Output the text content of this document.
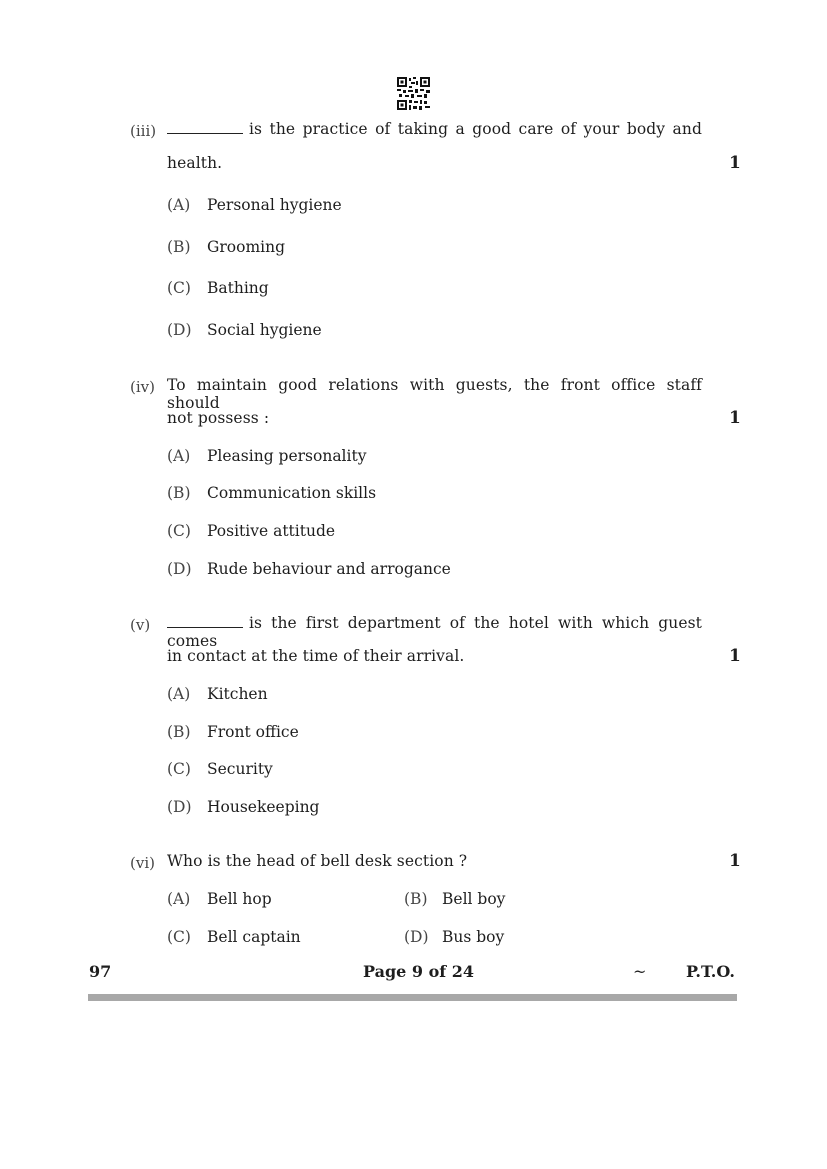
(iii)	is the practice of taking a good care of your body and
health.	1
(A) Personal hygiene
(B) Grooming
(C) Bathing
(D) Social hygiene
(iv) To maintain good relations with guests, the front office staff should
not possess :	1
(A) Pleasing personality
(B) Communication skills
(C) Positive attitude
(D) Rude behaviour and arrogance
(v)	is the first department of the hotel with which guest comes
in contact at the time of their arrival.	1
(A) Kitchen
(B) Front office
(C) Security
(D) Housekeeping
(vi) Who is the head of bell desk section ?	1
(A) Bell hop	(B) Bell boy
(C) Bell captain	(D) Bus boy
97	Page 9 of 24	~ P.T.O.
